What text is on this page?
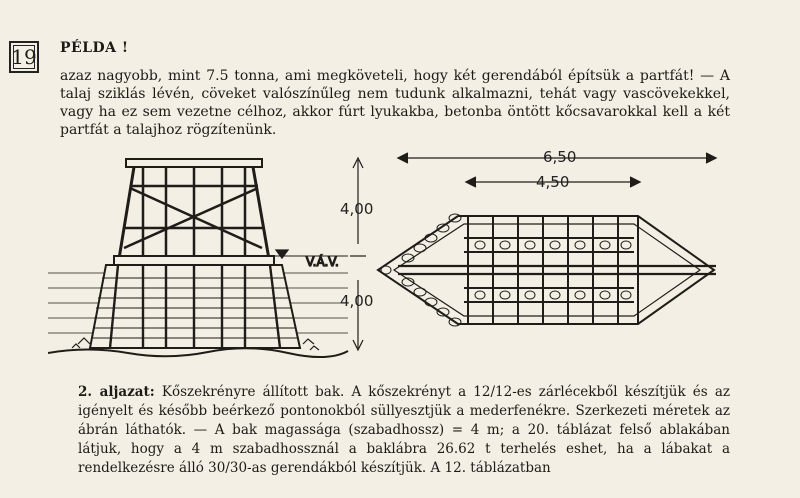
19 PÉLDA !

azaz nagyobb, mint 7.5 tonna, ami megköveteli, hogy két gerendából építsük a partfát! — A talaj sziklás lévén, cöveket valószínűleg nem tudunk alkalmazni, tehát vagy vascövekekkel, vagy ha ez sem vezetne célhoz, akkor fúrt lyukakba, betonba öntött kőcsavarokkal kell a két partfát a talajhoz rögzítenünk.

V.Á.V.
4,00
4,00
6,50
4,50

2. aljazat: Kőszekrényre állított bak. A kőszekrényt a 12/12-es zárlécekből készítjük és az igényelt és később beérkező pontonokból süllyesztjük a mederfenékre. Szerkezeti méretek az ábrán láthatók. — A bak magassága (szabadhossz) = 4 m; a 20. táblázat felső ablakában látjuk, hogy a 4 m szabadhossznál a baklábra 26.62 t terhelés eshet, ha a lábakat a rendelkezésre álló 30/30-as gerendákból készítjük. A 12. táblázatban
